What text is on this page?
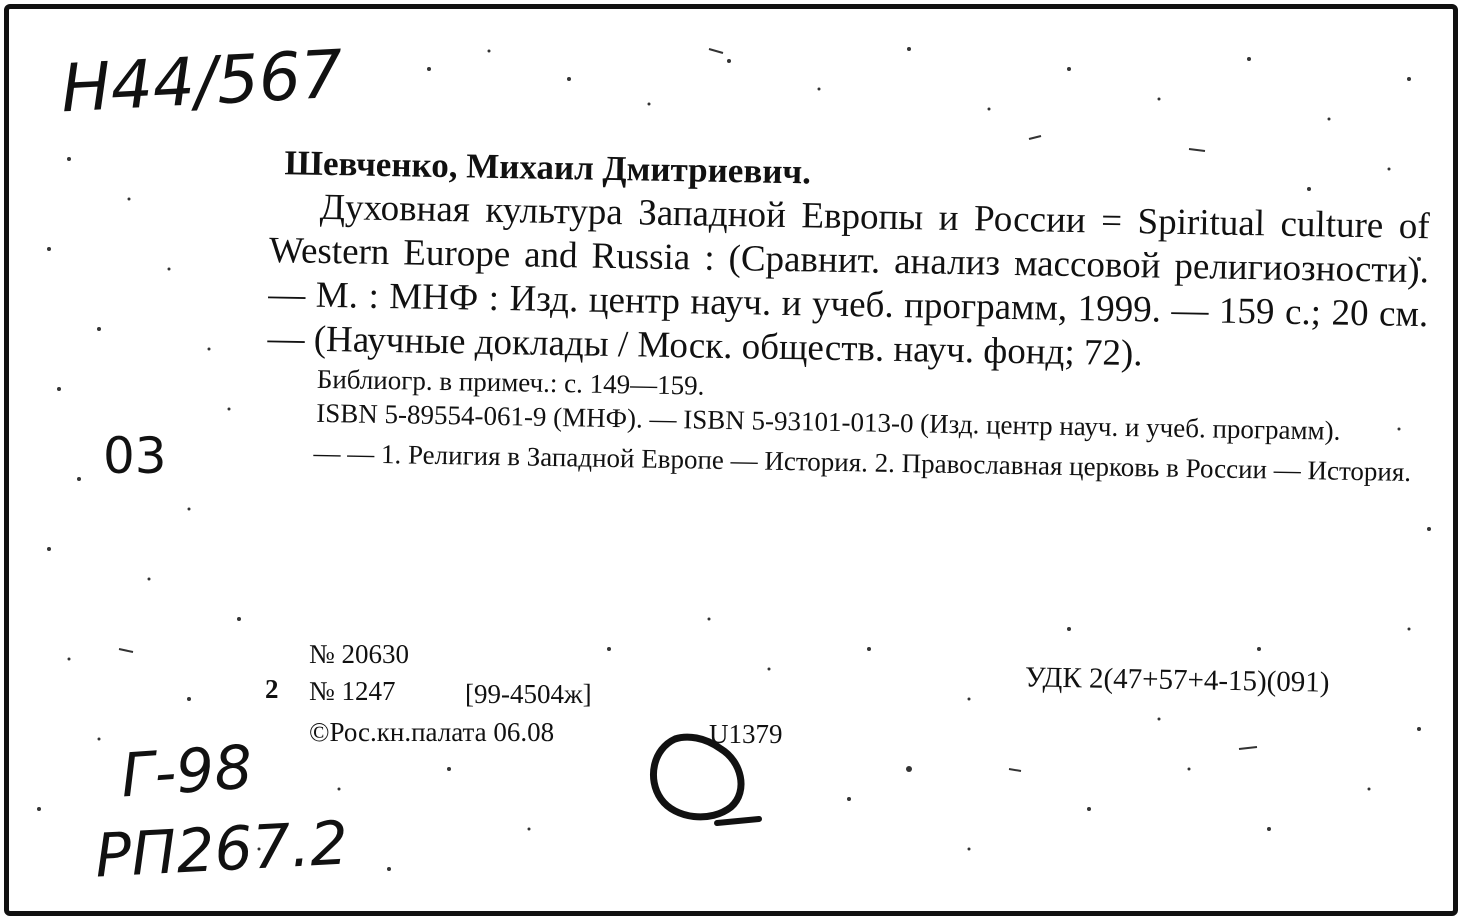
H44/567
03
Г-98
РП267.2
Шевченко, Михаил Дмитриевич.
Духовная культура Западной Европы и России = Spiritual culture of Western Europe and Russia : (Сравнит. анализ массовой религиозности). — М. : МНФ : Изд. центр науч. и учеб. программ, 1999. — 159 с.; 20 см. — (Научные доклады / Моск. обществ. науч. фонд; 72).
Библиогр. в примеч.: с. 149—159.
ISBN 5-89554-061-9 (МНФ). — ISBN 5-93101-013-0 (Изд. центр науч. и учеб. программ).
— — 1. Религия в Западной Европе — История. 2. Православная церковь в России — История.
№ 20630
2 № 1247	[99-4504ж]
©Рос.кн.палата 06.08	U1379
УДК 2(47+57+4-15)(091)
